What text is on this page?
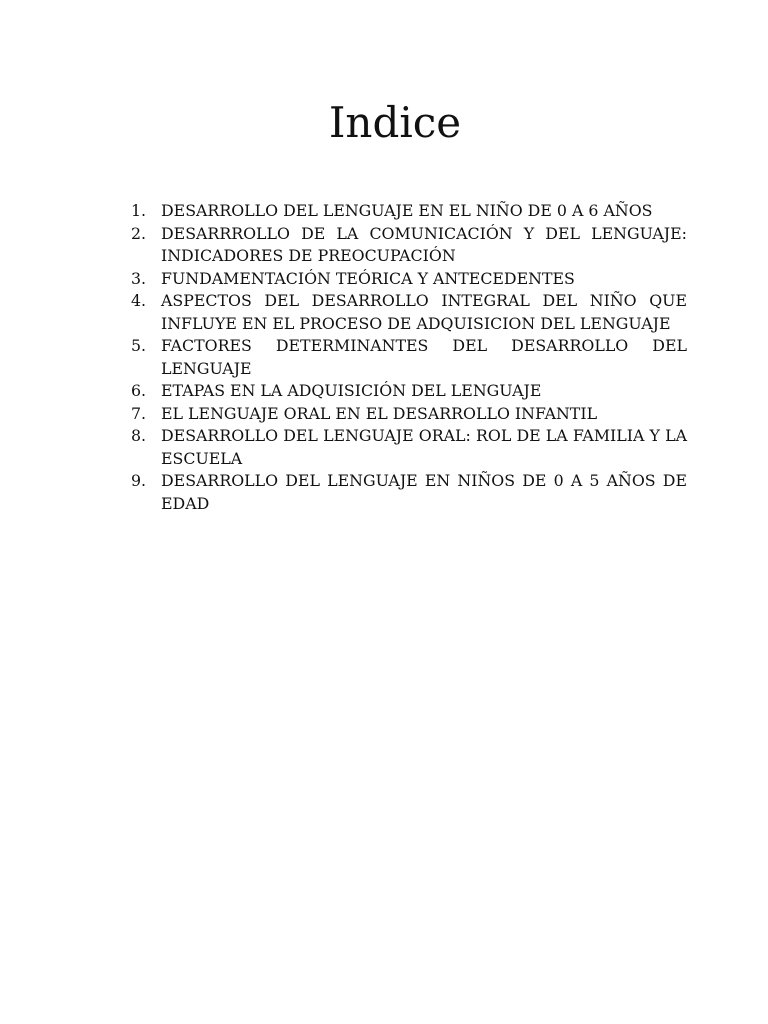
Indice
1. DESARROLLO DEL LENGUAJE EN EL NIÑO DE 0 A 6 AÑOS
2. DESARRROLLO DE LA COMUNICACIÓN Y DEL LENGUAJE: INDICADORES DE PREOCUPACIÓN
3. FUNDAMENTACIÓN TEÓRICA Y ANTECEDENTES
4. ASPECTOS DEL DESARROLLO INTEGRAL DEL NIÑO QUE INFLUYE EN EL PROCESO DE ADQUISICION DEL LENGUAJE
5. FACTORES DETERMINANTES DEL DESARROLLO DEL LENGUAJE
6. ETAPAS EN LA ADQUISICIÓN DEL LENGUAJE
7. EL LENGUAJE ORAL EN EL DESARROLLO INFANTIL
8. DESARROLLO DEL LENGUAJE ORAL: ROL DE LA FAMILIA Y LA ESCUELA
9. DESARROLLO DEL LENGUAJE EN NIÑOS DE 0 A 5 AÑOS DE EDAD
